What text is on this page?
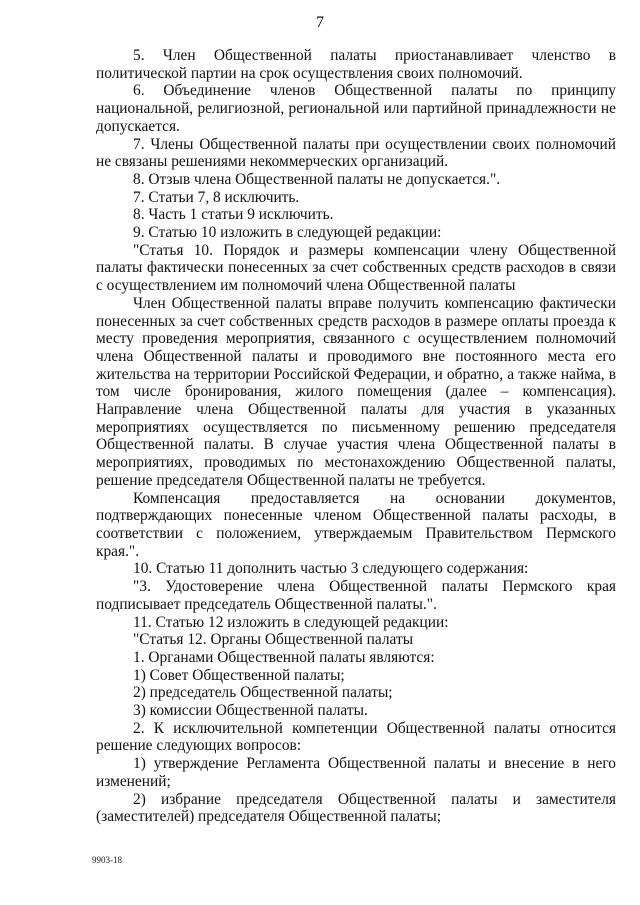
7

5. Член Общественной палаты приостанавливает членство в политической партии на срок осуществления своих полномочий.

6. Объединение членов Общественной палаты по принципу национальной, религиозной, региональной или партийной принадлежности не допускается.

7. Члены Общественной палаты при осуществлении своих полномочий не связаны решениями некоммерческих организаций.

8. Отзыв члена Общественной палаты не допускается.".

7. Статьи 7, 8 исключить.

8. Часть 1 статьи 9 исключить.

9. Статью 10 изложить в следующей редакции:

"Статья 10. Порядок и размеры компенсации члену Общественной палаты фактически понесенных за счет собственных средств расходов в связи с осуществлением им полномочий члена Общественной палаты

Член Общественной палаты вправе получить компенсацию фактически понесенных за счет собственных средств расходов в размере оплаты проезда к месту проведения мероприятия, связанного с осуществлением полномочий члена Общественной палаты и проводимого вне постоянного места его жительства на территории Российской Федерации, и обратно, а также найма, в том числе бронирования, жилого помещения (далее – компенсация). Направление члена Общественной палаты для участия в указанных мероприятиях осуществляется по письменному решению председателя Общественной палаты. В случае участия члена Общественной палаты в мероприятиях, проводимых по местонахождению Общественной палаты, решение председателя Общественной палаты не требуется.

Компенсация предоставляется на основании документов, подтверждающих понесенные членом Общественной палаты расходы, в соответствии с положением, утверждаемым Правительством Пермского края.".

10. Статью 11 дополнить частью 3 следующего содержания:

"3. Удостоверение члена Общественной палаты Пермского края подписывает председатель Общественной палаты.".

11. Статью 12 изложить в следующей редакции:

"Статья 12. Органы Общественной палаты

1. Органами Общественной палаты являются:

1) Совет Общественной палаты;

2) председатель Общественной палаты;

3) комиссии Общественной палаты.

2. К исключительной компетенции Общественной палаты относится решение следующих вопросов:

1) утверждение Регламента Общественной палаты и внесение в него изменений;

2) избрание председателя Общественной палаты и заместителя (заместителей) председателя Общественной палаты;

9903-18
